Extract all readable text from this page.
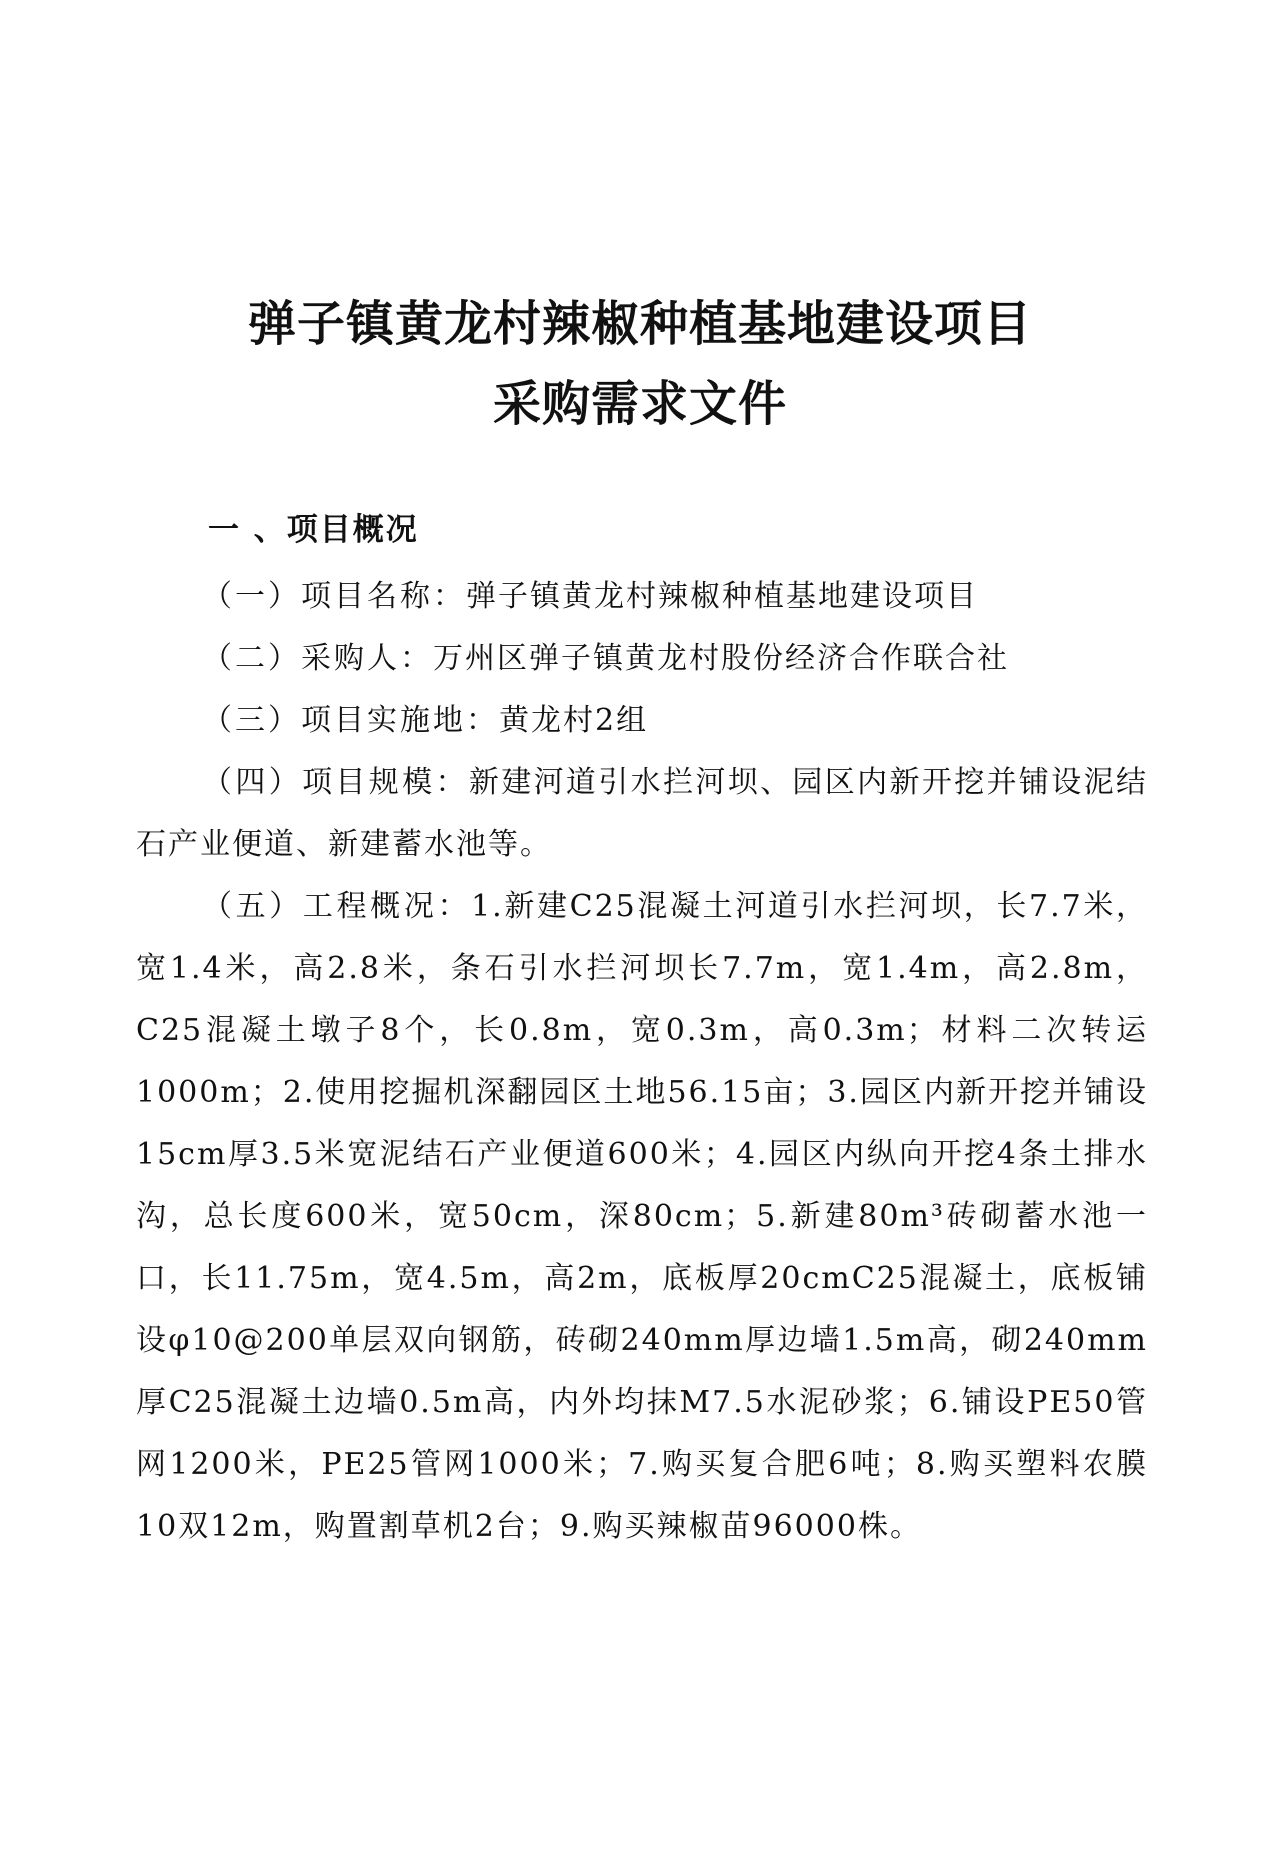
弹子镇黄龙村辣椒种植基地建设项目
采购需求文件
一 、项目概况

（一）项目名称：弹子镇黄龙村辣椒种植基地建设项目

（二）采购人：万州区弹子镇黄龙村股份经济合作联合社

（三）项目实施地：黄龙村2组

（四）项目规模：新建河道引水拦河坝、园区内新开挖并铺设泥结石产业便道、新建蓄水池等。

（五）工程概况：1.新建C25混凝土河道引水拦河坝，长7.7米，宽1.4米，高2.8米，条石引水拦河坝长7.7m，宽1.4m，高2.8m，C25混凝土墩子8个，长0.8m，宽0.3m，高0.3m；材料二次转运1000m；2.使用挖掘机深翻园区土地56.15亩；3.园区内新开挖并铺设15cm厚3.5米宽泥结石产业便道600米；4.园区内纵向开挖4条土排水沟，总长度600米，宽50cm，深80cm；5.新建80m³砖砌蓄水池一口，长11.75m，宽4.5m，高2m，底板厚20cmC25混凝土，底板铺设φ10@200单层双向钢筋，砖砌240mm厚边墙1.5m高，砌240mm厚C25混凝土边墙0.5m高，内外均抹M7.5水泥砂浆；6.铺设PE50管网1200米，PE25管网1000米；7.购买复合肥6吨；8.购买塑料农膜10双12m，购置割草机2台；9.购买辣椒苗96000株。
